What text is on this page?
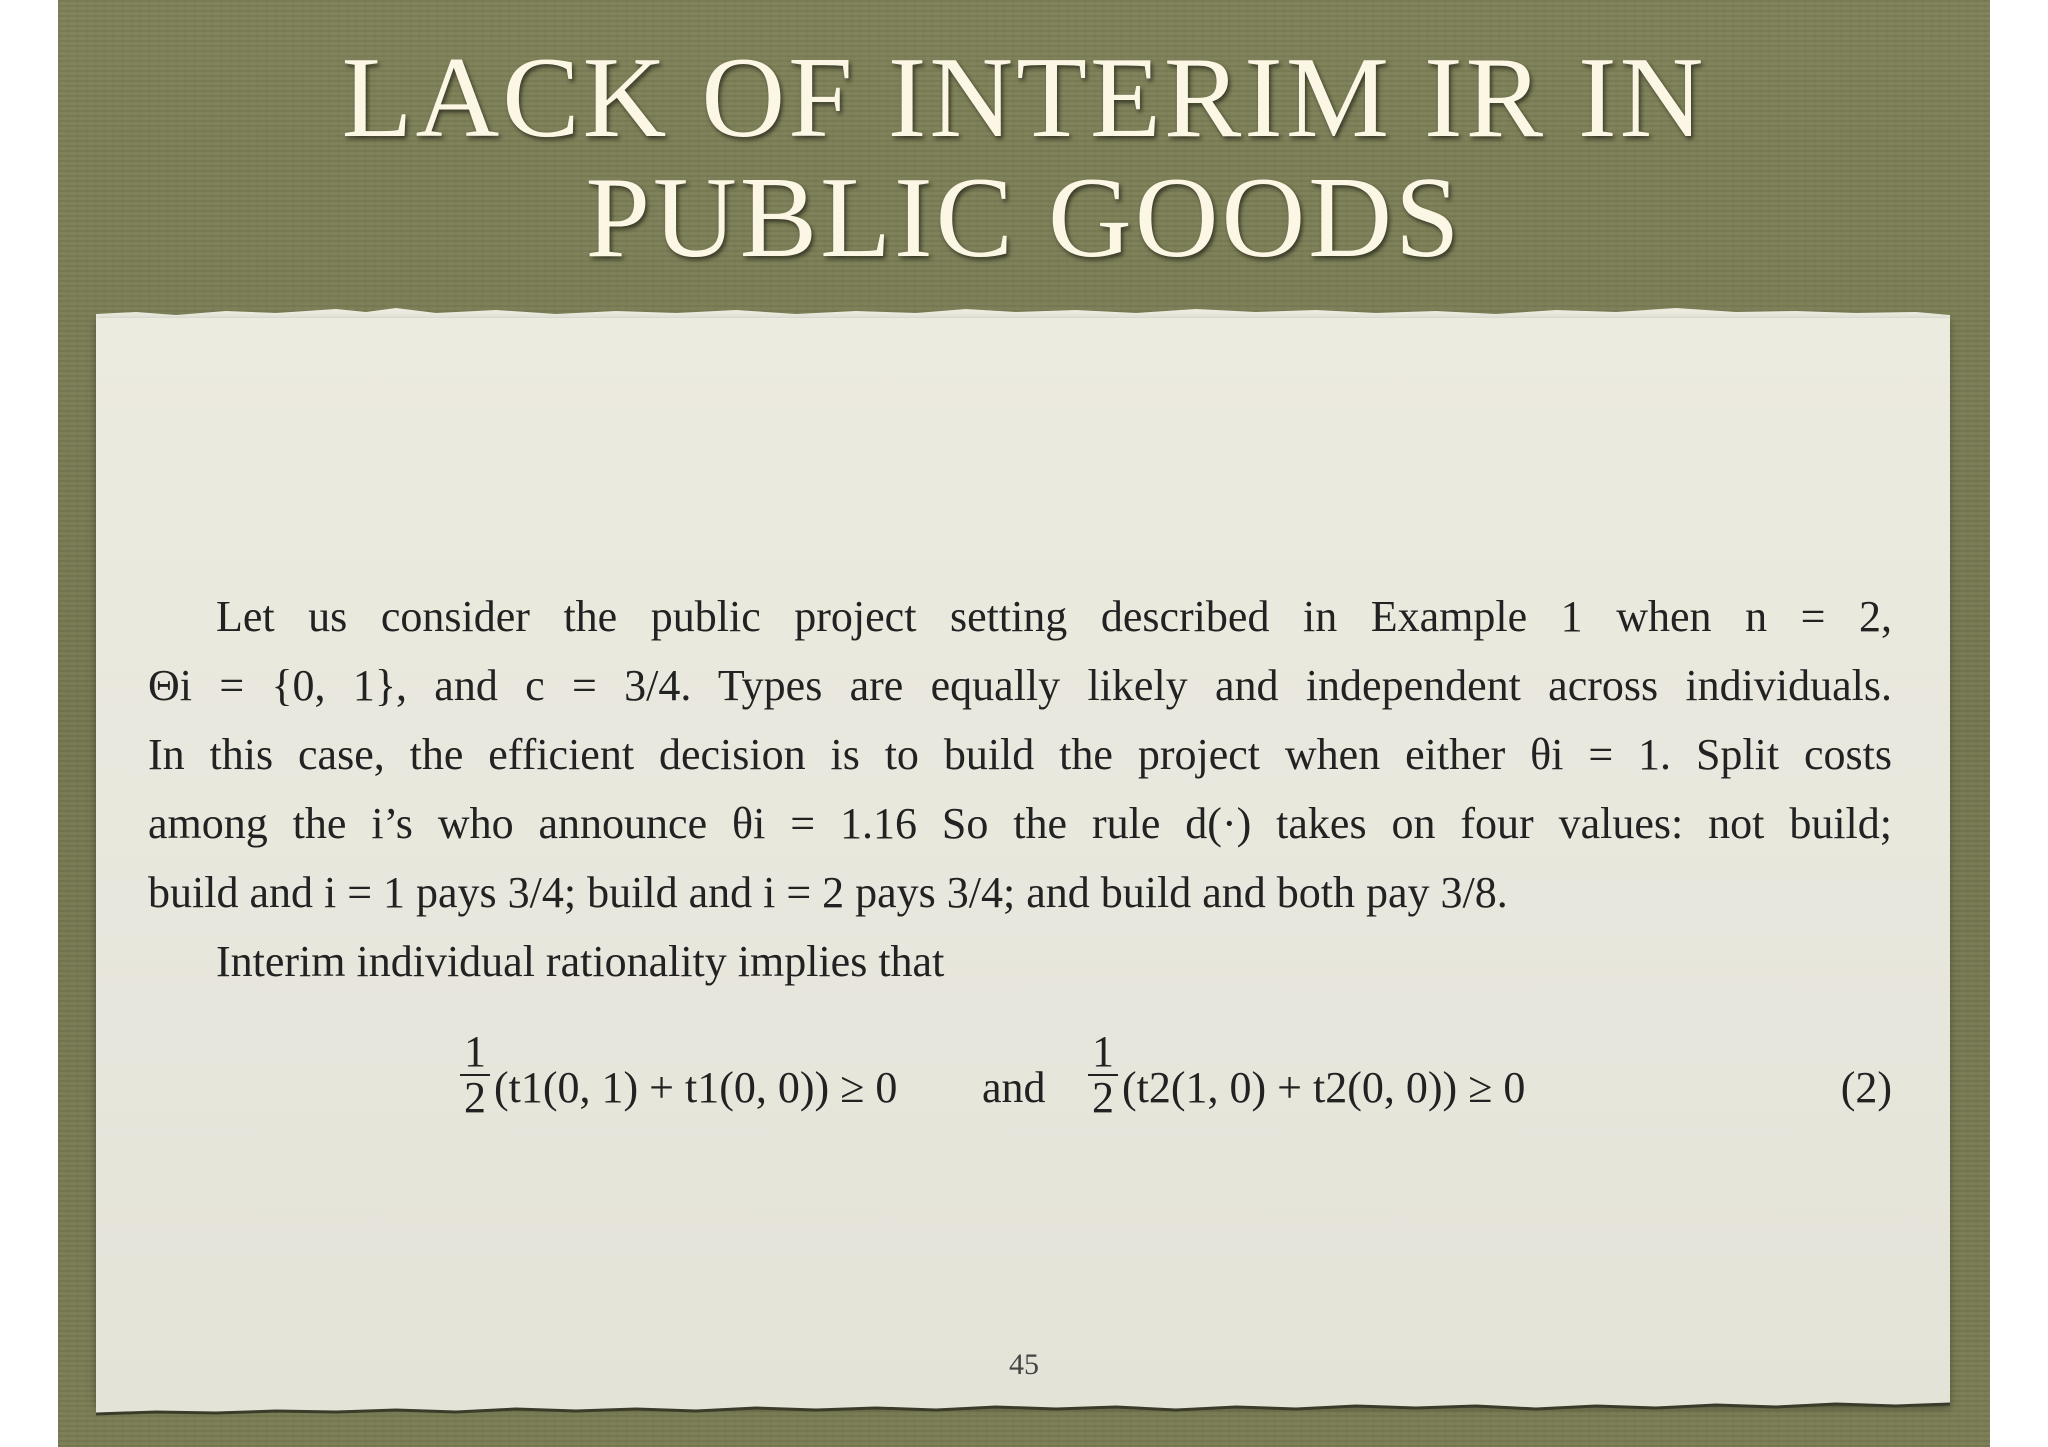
LACK OF INTERIM IR IN
PUBLIC GOODS
Let us consider the public project setting described in Example 1 when n = 2,
Θi = {0, 1}, and c = 3/4. Types are equally likely and independent across individuals.
In this case, the efficient decision is to build the project when either θi = 1. Split costs
among the i’s who announce θi = 1.16 So the rule d(·) takes on four values: not build;
build and i = 1 pays 3/4; build and i = 2 pays 3/4; and build and both pay 3/8.
Interim individual rationality implies that
$\frac{1}{2} (t1(0$, 1) + t1(0, 0)) ≥ 0 and $\frac{1}{2} (t2(1$, 0) + t2(0, 0)) ≥ 0	(2)
45
